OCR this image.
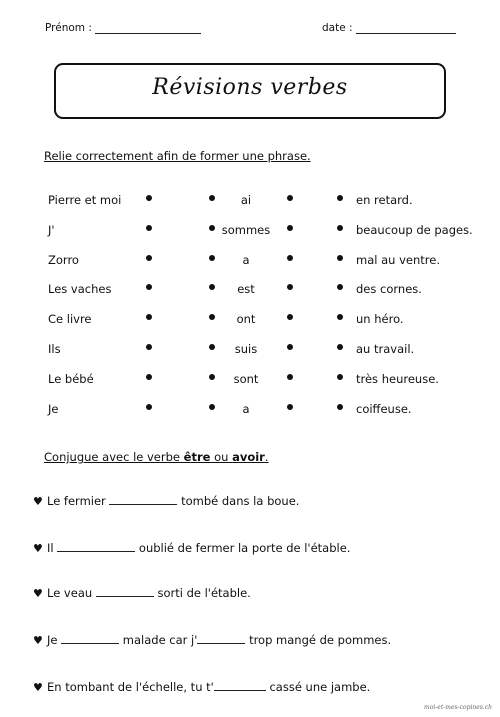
Prénom :	date :
Révisions verbes
Relie correctement afin de former une phrase.
Pierre et moi	ai	en retard.
J'	sommes	beaucoup de pages.
Zorro	a	mal au ventre.
Les vaches	est	des cornes.
Ce livre	ont	un héro.
Ils	suis	au travail.
Le bébé	sont	très heureuse.
Je	a	coiffeuse.
Conjugue avec le verbe être ou avoir.
♥ Le fermier	tombé dans la boue.
♥ Il	oublié de fermer la porte de l'étable.
♥ Le veau	sorti de l'étable.
♥ Je	malade car j'	trop mangé de pommes.
♥ En tombant de l'échelle, tu t'	cassé une jambe.
moi-et-mes-copines.ch
